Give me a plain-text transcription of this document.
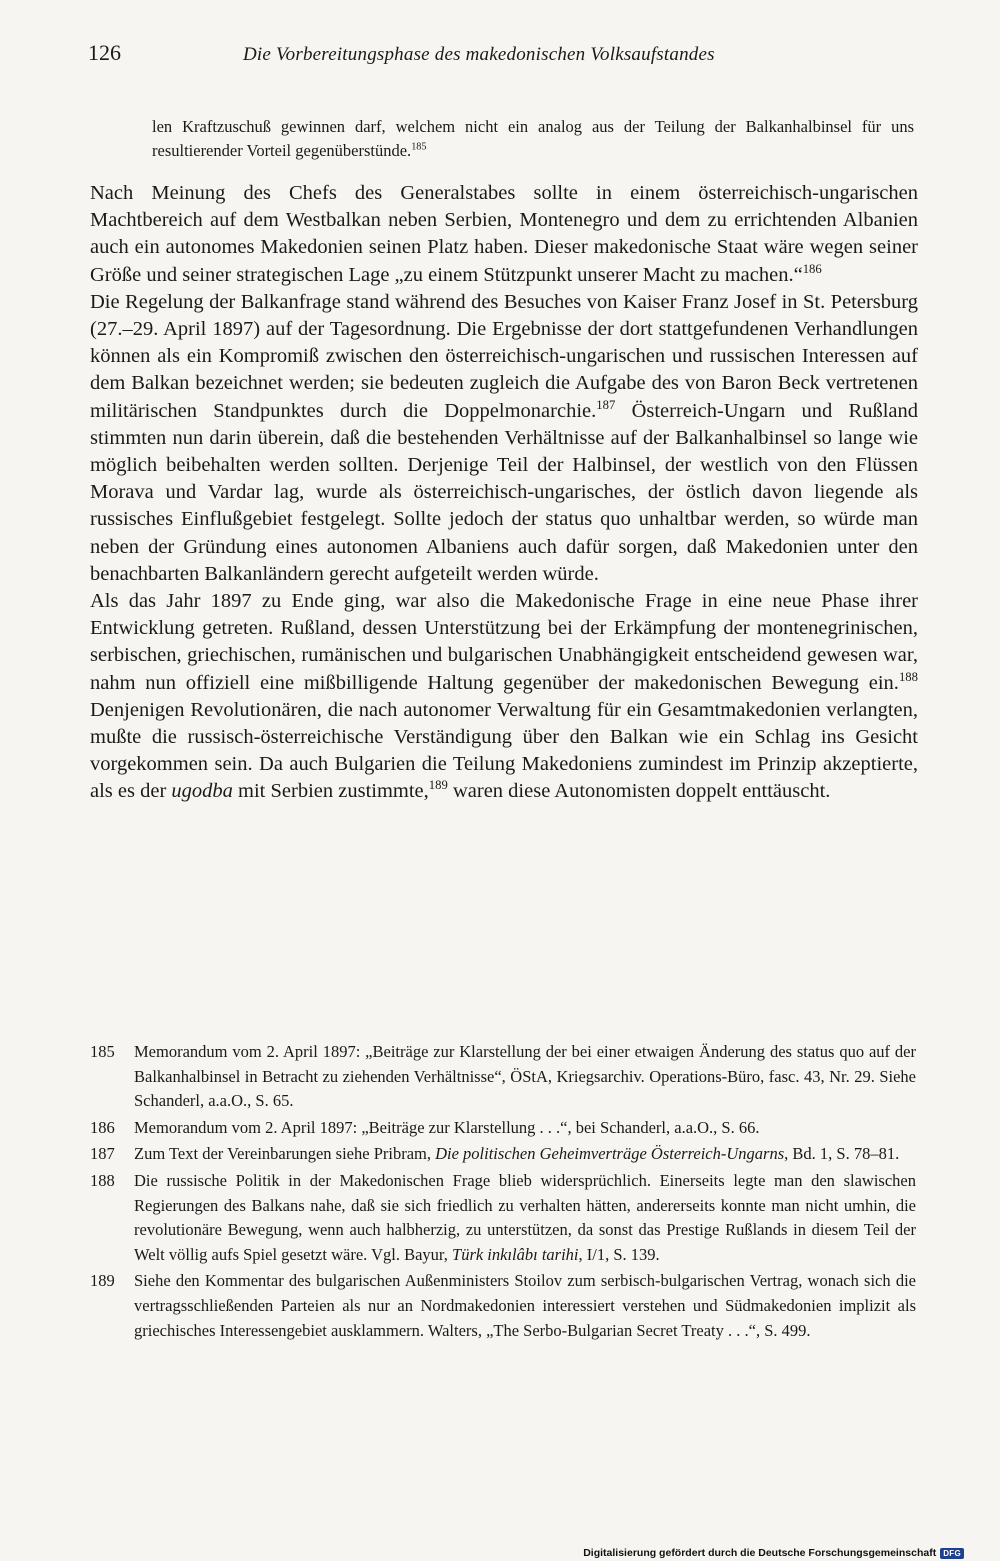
126	Die Vorbereitungsphase des makedonischen Volksaufstandes
len Kraftzuschuß gewinnen darf, welchem nicht ein analog aus der Teilung der Balkanhalbinsel für uns resultierender Vorteil gegenüberstünde.$^{185}$

Nach Meinung des Chefs des Generalstabes sollte in einem österreichisch-ungarischen Machtbereich auf dem Westbalkan neben Serbien, Montenegro und dem zu errichtenden Albanien auch ein autonomes Makedonien seinen Platz haben. Dieser makedonische Staat wäre wegen seiner Größe und seiner strategischen Lage „zu einem Stützpunkt unserer Macht zu machen.“$^{186}$

Die Regelung der Balkanfrage stand während des Besuches von Kaiser Franz Josef in St. Petersburg (27.–29. April 1897) auf der Tagesordnung. Die Ergebnisse der dort stattgefundenen Verhandlungen können als ein Kompromiß zwischen den österreichisch-ungarischen und russischen Interessen auf dem Balkan bezeichnet werden; sie bedeuten zugleich die Aufgabe des von Baron Beck vertretenen militärischen Standpunktes durch die Doppelmonarchie.$^{187}$ Österreich-Ungarn und Rußland stimmten nun darin überein, daß die bestehenden Verhältnisse auf der Balkanhalbinsel so lange wie möglich beibehalten werden sollten. Derjenige Teil der Halbinsel, der westlich von den Flüssen Morava und Vardar lag, wurde als österreichisch-ungarisches, der östlich davon liegende als russisches Einflußgebiet festgelegt. Sollte jedoch der status quo unhaltbar werden, so würde man neben der Gründung eines autonomen Albaniens auch dafür sorgen, daß Makedonien unter den benachbarten Balkanländern gerecht aufgeteilt werden würde.

Als das Jahr 1897 zu Ende ging, war also die Makedonische Frage in eine neue Phase ihrer Entwicklung getreten. Rußland, dessen Unterstützung bei der Erkämpfung der montenegrinischen, serbischen, griechischen, rumänischen und bulgarischen Unabhängigkeit entscheidend gewesen war, nahm nun offiziell eine mißbilligende Haltung gegenüber der makedonischen Bewegung ein.$^{188}$ Denjenigen Revolutionären, die nach autonomer Verwaltung für ein Gesamtmakedonien verlangten, mußte die russisch-österreichische Verständigung über den Balkan wie ein Schlag ins Gesicht vorgekommen sein. Da auch Bulgarien die Teilung Makedoniens zumindest im Prinzip akzeptierte, als es der ugodba mit Serbien zustimmte,$^{189}$ waren diese Autonomisten doppelt enttäuscht.

185	Memorandum vom 2. April 1897: „Beiträge zur Klarstellung der bei einer etwaigen Änderung des status quo auf der Balkanhalbinsel in Betracht zu ziehenden Verhältnisse“, ÖStA, Kriegsarchiv. Operations-Büro, fasc. 43, Nr. 29. Siehe Schanderl, a.a.O., S. 65.
186	Memorandum vom 2. April 1897: „Beiträge zur Klarstellung . . .“, bei Schanderl, a.a.O., S. 66.
187	Zum Text der Vereinbarungen siehe Pribram, Die politischen Geheimverträge Österreich-Ungarns, Bd. 1, S. 78–81.
188	Die russische Politik in der Makedonischen Frage blieb widersprüchlich. Einerseits legte man den slawischen Regierungen des Balkans nahe, daß sie sich friedlich zu verhalten hätten, andererseits konnte man nicht umhin, die revolutionäre Bewegung, wenn auch halbherzig, zu unterstützen, da sonst das Prestige Rußlands in diesem Teil der Welt völlig aufs Spiel gesetzt wäre. Vgl. Bayur, Türk inkılâbı tarihi, I/1, S. 139.
189	Siehe den Kommentar des bulgarischen Außenministers Stoilov zum serbisch-bulgarischen Vertrag, wonach sich die vertragsschließenden Parteien als nur an Nordmakedonien interessiert verstehen und Südmakedonien implizit als griechisches Interessengebiet ausklammern. Walters, „The Serbo-Bulgarian Secret Treaty . . .“, S. 499.
Digitalisierung gefördert durch die Deutsche Forschungsgemeinschaft DFG
